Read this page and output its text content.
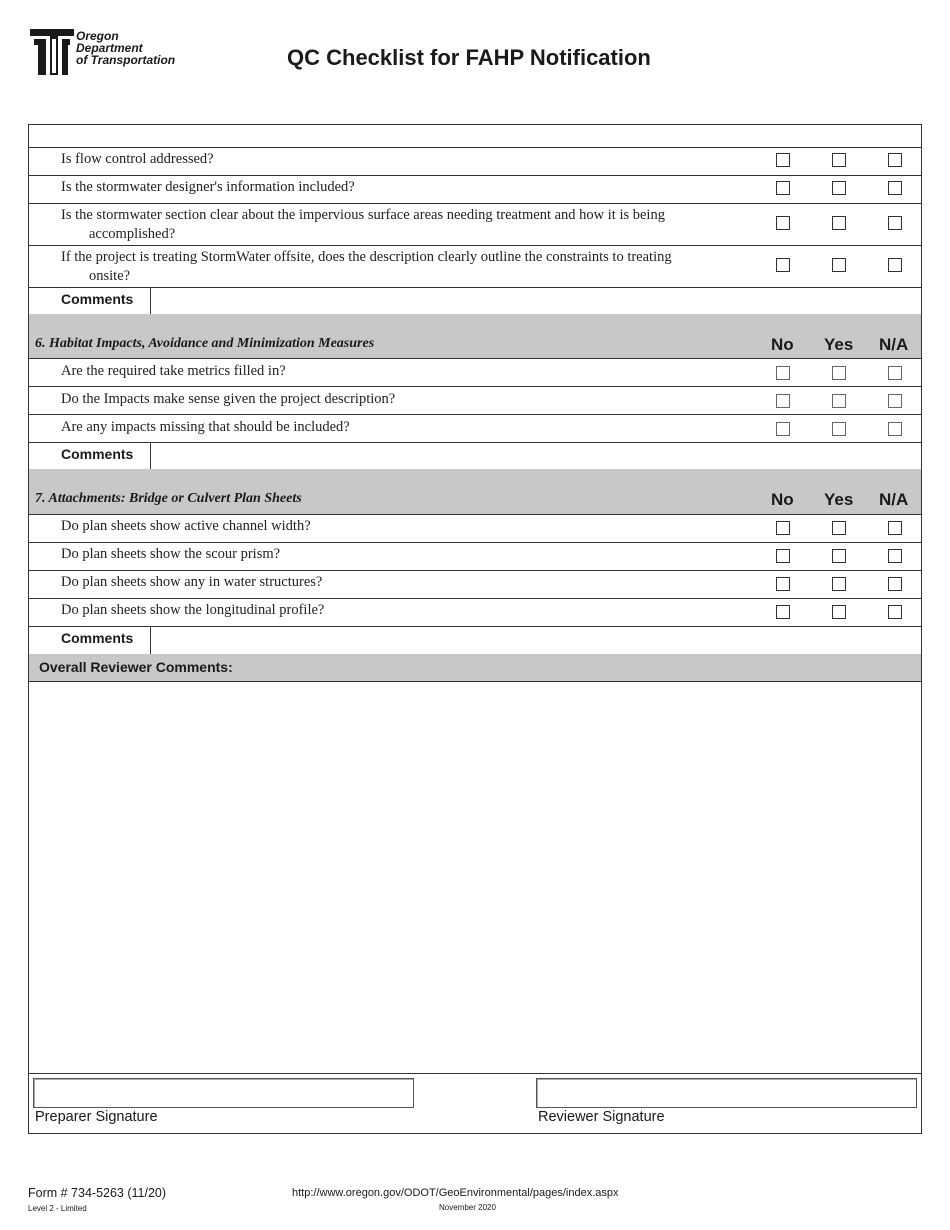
Oregon
Department
of Transportation	QC Checklist for FAHP Notification
Is flow control addressed?
Is the stormwater designer's information included?
Is the stormwater section clear about the impervious surface areas needing treatment and how it is being
accomplished?
If the project is treating StormWater offsite, does the description clearly outline the constraints to treating
onsite?
Comments
6. Habitat Impacts, Avoidance and Minimization Measures	No Yes N/A
Are the required take metrics filled in?
Do the Impacts make sense given the project description?
Are any impacts missing that should be included?
Comments
7. Attachments: Bridge or Culvert Plan Sheets	No Yes N/A
Do plan sheets show active channel width?
Do plan sheets show the scour prism?
Do plan sheets show any in water structures?
Do plan sheets show the longitudinal profile?
Comments
Overall Reviewer Comments:
Preparer Signature	Reviewer Signature
Form # 734-5263 (11/20)
Level 2 - Limited
http://www.oregon.gov/ODOT/GeoEnvironmental/pages/index.aspx
November 2020
